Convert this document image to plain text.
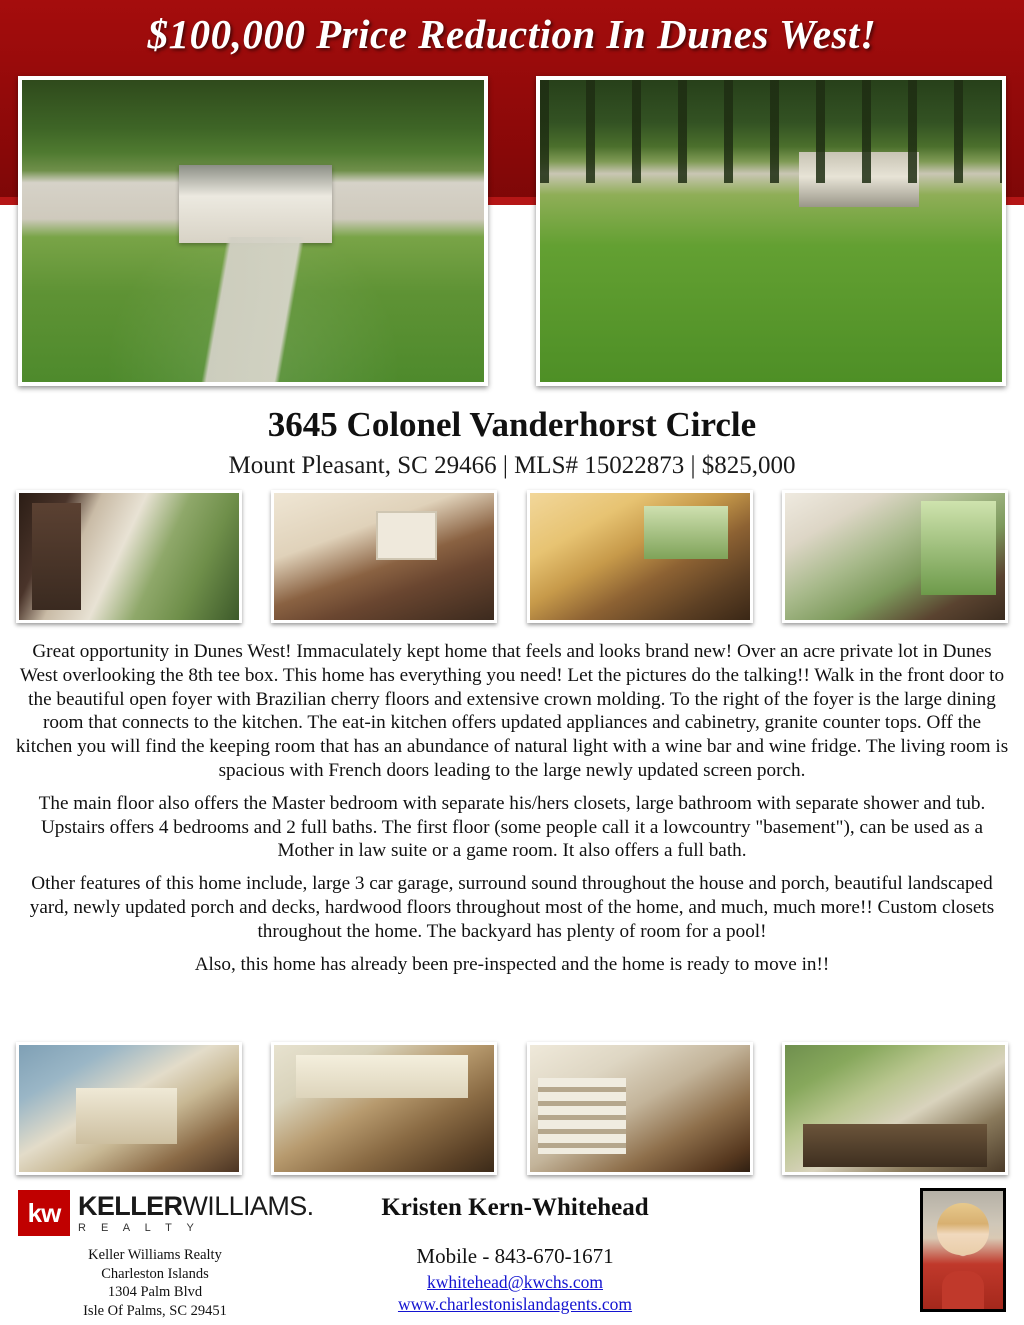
$100,000 Price Reduction In Dunes West!
3645 Colonel Vanderhorst Circle
Mount Pleasant, SC 29466 | MLS# 15022873 | $825,000

Great opportunity in Dunes West! Immaculately kept home that feels and looks brand new! Over an acre private lot in Dunes West overlooking the 8th tee box. This home has everything you need! Let the pictures do the talking!! Walk in the front door to the beautiful open foyer with Brazilian cherry floors and extensive crown molding. To the right of the foyer is the large dining room that connects to the kitchen. The eat-in kitchen offers updated appliances and cabinetry, granite counter tops. Off the kitchen you will find the keeping room that has an abundance of natural light with a wine bar and wine fridge. The living room is spacious with French doors leading to the large newly updated screen porch.

The main floor also offers the Master bedroom with separate his/hers closets, large bathroom with separate shower and tub. Upstairs offers 4 bedrooms and 2 full baths. The first floor (some people call it a lowcountry "basement"), can be used as a Mother in law suite or a game room. It also offers a full bath.

Other features of this home include, large 3 car garage, surround sound throughout the house and porch, beautiful landscaped yard, newly updated porch and decks, hardwood floors throughout most of the home, and much, much more!! Custom closets throughout the home. The backyard has plenty of room for a pool!

Also, this home has already been pre-inspected and the home is ready to move in!!

kw KELLERWILLIAMS.
R E A L T Y
Keller Williams Realty
Charleston Islands
1304 Palm Blvd
Isle Of Palms, SC 29451
Kristen Kern-Whitehead
Mobile - 843-670-1671
kwhitehead@kwchs.com
www.charlestonislandagents.com
